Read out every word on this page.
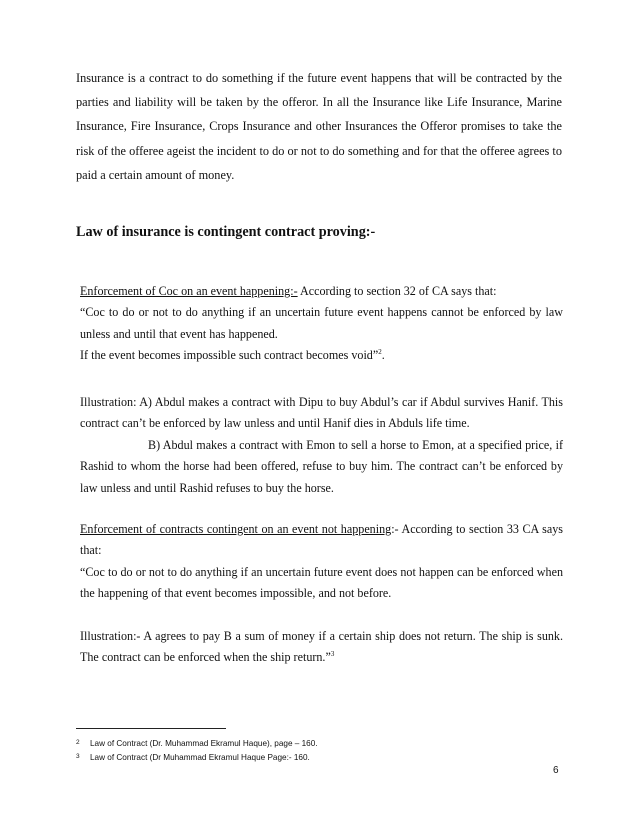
Insurance is a contract to do something if the future event happens that will be contracted by the parties and liability will be taken by the offeror. In all the Insurance like Life Insurance, Marine Insurance, Fire Insurance, Crops Insurance and other Insurances the Offeror promises to take the risk of the offeree ageist the incident to do or not to do something and for that the offeree agrees to paid a certain amount of money.

Law of insurance is contingent contract proving:-
Enforcement of Coc on an event happening:- According to section 32 of CA says that:
“Coc to do or not to do anything if an uncertain future event happens cannot be enforced by law unless and until that event has happened.
If the event becomes impossible such contract becomes void”$^2$.
Illustration: A) Abdul makes a contract with Dipu to buy Abdul’s car if Abdul survives Hanif. This contract can’t be enforced by law unless and until Hanif dies in Abduls life time.
B) Abdul makes a contract with Emon to sell a horse to Emon, at a specified price, if Rashid to whom the horse had been offered, refuse to buy him. The contract can’t be enforced by law unless and until Rashid refuses to buy the horse.
Enforcement of contracts contingent on an event not happening:- According to section 33 CA says that:
“Coc to do or not to do anything if an uncertain future event does not happen can be enforced when the happening of that event becomes impossible, and not before.
Illustration:- A agrees to pay B a sum of money if a certain ship does not return. The ship is sunk. The contract can be enforced when the ship return.”$^3$
2 Law of Contract (Dr. Muhammad Ekramul Haque), page – 160.
3 Law of Contract (Dr Muhammad Ekramul Haque Page:- 160.
6
